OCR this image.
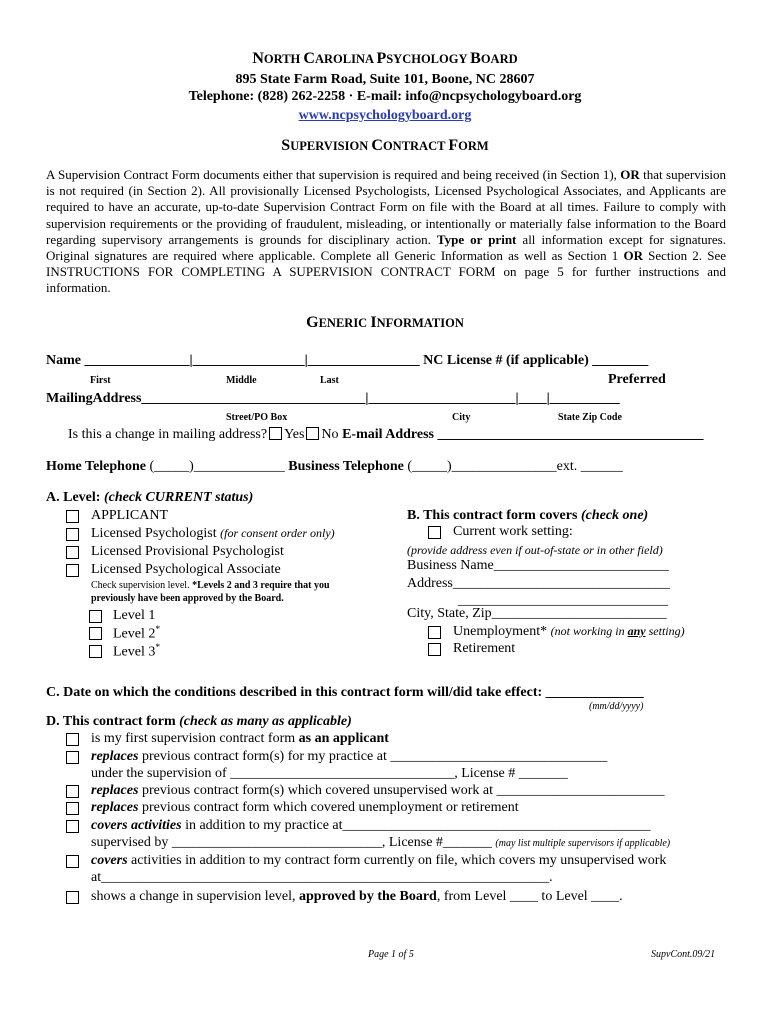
NORTH CAROLINA PSYCHOLOGY BOARD
895 State Farm Road, Suite 101, Boone, NC 28607
Telephone: (828) 262-2258 · E-mail: info@ncpsychologyboard.org
www.ncpsychologyboard.org
SUPERVISION CONTRACT FORM
A Supervision Contract Form documents either that supervision is required and being received (in Section 1), OR that supervision is not required (in Section 2). All provisionally Licensed Psychologists, Licensed Psychological Associates, and Applicants are required to have an accurate, up-to-date Supervision Contract Form on file with the Board at all times. Failure to comply with supervision requirements or the providing of fraudulent, misleading, or intentionally or materially false information to the Board regarding supervisory arrangements is grounds for disciplinary action. Type or print all information except for signatures. Original signatures are required where applicable. Complete all Generic Information as well as Section 1 OR Section 2. See INSTRUCTIONS FOR COMPLETING A SUPERVISION CONTRACT FORM on page 5 for further instructions and information.
GENERIC INFORMATION
Name _______________|________________|________________ NC License # (if applicable) ________
First	Middle	Last	Preferred
MailingAddress________________________________|_____________________|____|__________
Street/PO Box	City	State Zip Code
Is this a change in mailing address? Yes No E-mail Address ______________________________________
Home Telephone (_____)_____________ Business Telephone (_____)_______________ext. ______
A. Level: (check CURRENT status)
APPLICANT
Licensed Psychologist (for consent order only)
Licensed Provisional Psychologist
Licensed Psychological Associate
Check supervision level. *Levels 2 and 3 require that you
previously have been approved by the Board.
Level 1
Level 2*
Level 3*
B. This contract form covers (check one)
Current work setting:
(provide address even if out-of-state or in other field)
Business Name_________________________
Address_______________________________
______________________________
City, State, Zip_________________________
Unemployment* (not working in any setting)
Retirement
C. Date on which the conditions described in this contract form will/did take effect: ______________
(mm/dd/yyyy)
D. This contract form (check as many as applicable)
is my first supervision contract form as an applicant
replaces previous contract form(s) for my practice at _______________________________
under the supervision of ________________________________, License # _______
replaces previous contract form(s) which covered unsupervised work at ________________________
replaces previous contract form which covered unemployment or retirement
covers activities in addition to my practice at____________________________________________
supervised by ______________________________, License #_______ (may list multiple supervisors if applicable)
covers activities in addition to my contract form currently on file, which covers my unsupervised work
at________________________________________________________________.
shows a change in supervision level, approved by the Board, from Level ____ to Level ____.
Page 1 of 5	SupvCont.09/21
